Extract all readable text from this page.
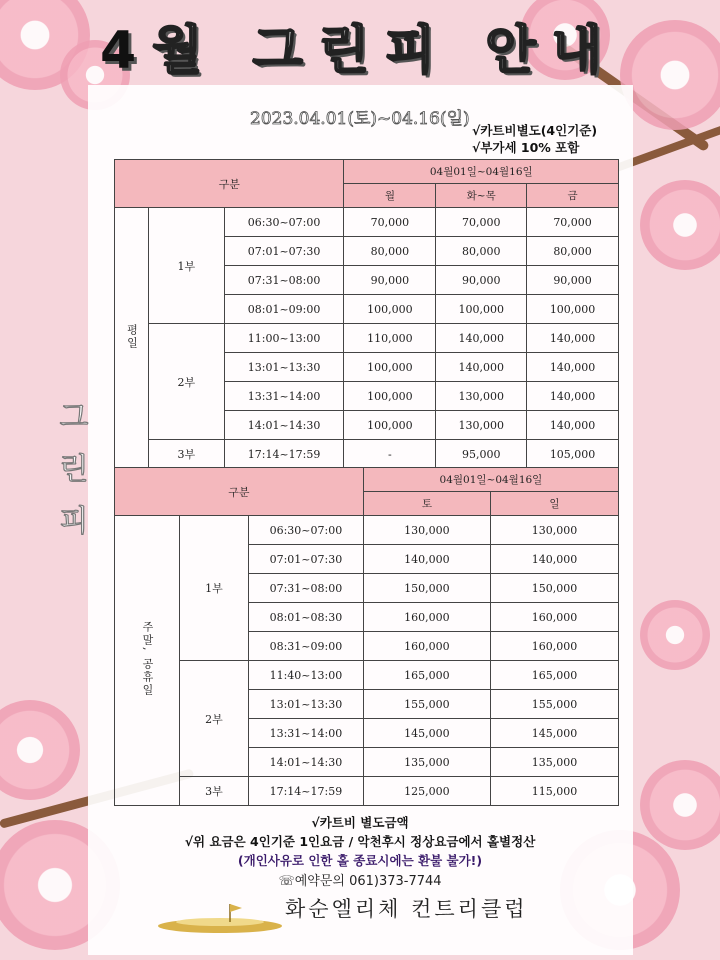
4월 그린피 안내
2023.04.01(토)~04.16(일)
√카트비별도(4인기준)
√부가세 10% 포함
그
린
피
구분			04월01일~04월16일		
			월	화~목	금
평일	1부	06:30~07:00	70,000	70,000	70,000
		07:01~07:30	80,000	80,000	80,000
		07:31~08:00	90,000	90,000	90,000
		08:01~09:00	100,000	100,000	100,000
	2부	11:00~13:00	110,000	140,000	140,000
		13:01~13:30	100,000	140,000	140,000
		13:31~14:00	100,000	130,000	140,000
		14:01~14:30	100,000	130,000	140,000
	3부	17:14~17:59	-	95,000	105,000
구분			04월01일~04월16일	
			토	일
주말, 공휴일	1부	06:30~07:00	130,000	130,000
		07:01~07:30	140,000	140,000
		07:31~08:00	150,000	150,000
		08:01~08:30	160,000	160,000
		08:31~09:00	160,000	160,000
	2부	11:40~13:00	165,000	165,000
		13:01~13:30	155,000	155,000
		13:31~14:00	145,000	145,000
		14:01~14:30	135,000	135,000
	3부	17:14~17:59	125,000	115,000
√카트비 별도금액
√위 요금은 4인기준 1인요금 / 악천후시 정상요금에서 홀별정산
(개인사유로 인한 홀 종료시에는 환불 불가!)
☏예약문의 061)373-7744
화순엘리체 컨트리클럽
